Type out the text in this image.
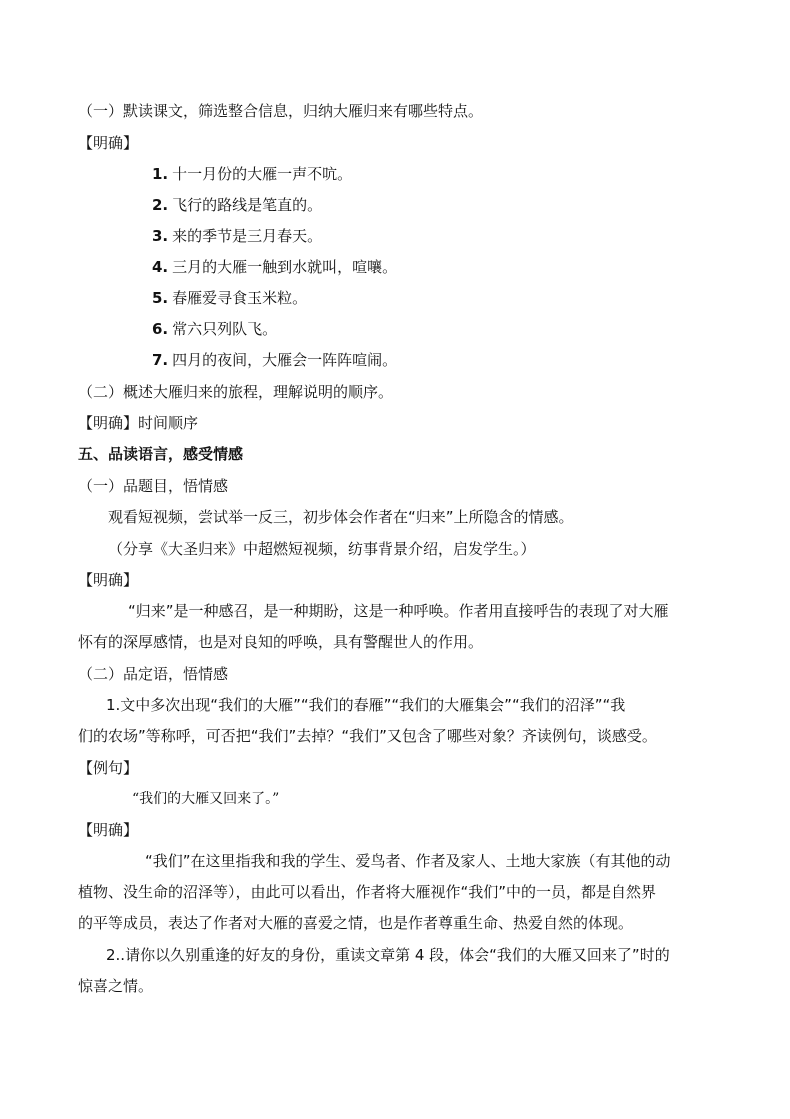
（一）默读课文，筛选整合信息，归纳大雁归来有哪些特点。
【明确】
1. 十一月份的大雁一声不吭。
2. 飞行的路线是笔直的。
3. 来的季节是三月春天。
4. 三月的大雁一触到水就叫，喧嚷。
5. 春雁爱寻食玉米粒。
6. 常六只列队飞。
7. 四月的夜间，大雁会一阵阵喧闹。
（二）概述大雁归来的旅程，理解说明的顺序。
【明确】时间顺序
五、品读语言，感受情感
（一）品题目，悟情感
观看短视频，尝试举一反三，初步体会作者在“归来”上所隐含的情感。
（分享《大圣归来》中超燃短视频，纺事背景介绍，启发学生。）
【明确】
“归来”是一种感召，是一种期盼，这是一种呼唤。作者用直接呼告的表现了对大雁
怀有的深厚感情，也是对良知的呼唤，具有警醒世人的作用。
（二）品定语，悟情感
1.文中多次出现“我们的大雁”“我们的春雁”“我们的大雁集会”“我们的沼泽”“我
们的农场”等称呼，可否把“我们”去掉？“我们”又包含了哪些对象？齐读例句，谈感受。
【例句】
“我们的大雁又回来了。”
【明确】
“我们”在这里指我和我的学生、爱鸟者、作者及家人、土地大家族（有其他的动
植物、没生命的沼泽等），由此可以看出，作者将大雁视作“我们”中的一员，都是自然界
的平等成员，表达了作者对大雁的喜爱之情，也是作者尊重生命、热爱自然的体现。
2..请你以久别重逢的好友的身份，重读文章第 4 段，体会“我们的大雁又回来了”时的
惊喜之情。
